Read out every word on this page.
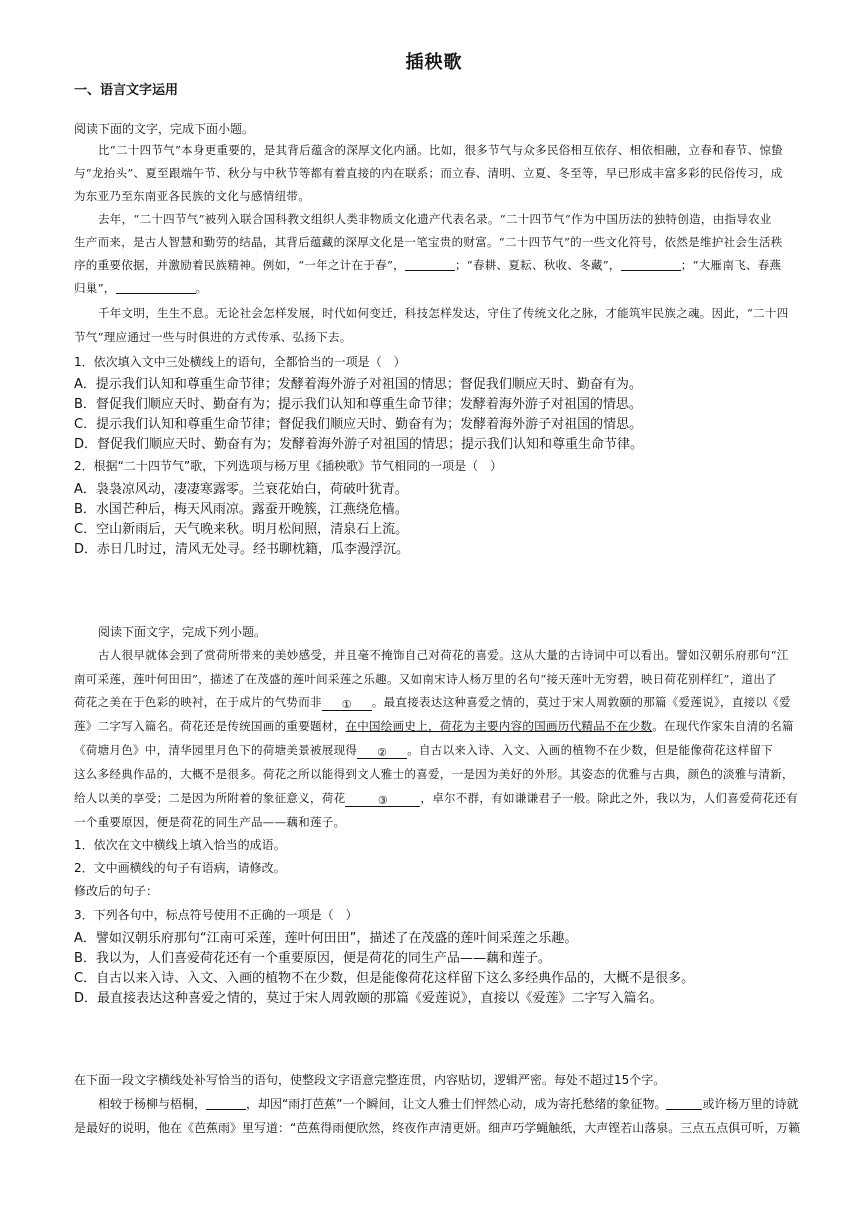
插秧歌
一、语言文字运用
阅读下面的文字，完成下面小题。
比“二十四节气”本身更重要的，是其背后蕴含的深厚文化内涵。比如，很多节气与众多民俗相互依存、相依相融，立春和春节、惊蛰
与“龙抬头”、夏至跟端午节、秋分与中秋节等都有着直接的内在联系；而立春、清明、立夏、冬至等，早已形成丰富多彩的民俗传习，成
为东亚乃至东南亚各民族的文化与感情纽带。
去年，“二十四节气”被列入联合国科教文组织人类非物质文化遗产代表名录。“二十四节气”作为中国历法的独特创造，由指导农业
生产而来，是古人智慧和勤劳的结晶，其背后蕴藏的深厚文化是一笔宝贵的财富。“二十四节气”的一些文化符号，依然是维护社会生活秩
序的重要依据，并激励着民族精神。例如，“一年之计在于春”，	；“春耕、夏耘、秋收、冬藏”，	；“大雁南飞、春燕
归巢”，	。
千年文明，生生不息。无论社会怎样发展，时代如何变迁，科技怎样发达，守住了传统文化之脉，才能筑牢民族之魂。因此，“二十四
节气”理应通过一些与时俱进的方式传承、弘扬下去。
1．依次填入文中三处横线上的语句，全都恰当的一项是（　）
A．提示我们认知和尊重生命节律；发酵着海外游子对祖国的情思；督促我们顺应天时、勤奋有为。
B．督促我们顺应天时、勤奋有为；提示我们认知和尊重生命节律；发酵着海外游子对祖国的情思。
C．提示我们认知和尊重生命节律；督促我们顺应天时、勤奋有为；发酵着海外游子对祖国的情思。
D．督促我们顺应天时、勤奋有为；发酵着海外游子对祖国的情思；提示我们认知和尊重生命节律。
2．根据“二十四节气”歌，下列选项与杨万里《插秧歌》节气相同的一项是（　）
A．袅袅凉风动，凄凄寒露零。兰衰花始白，荷破叶犹青。
B．水国芒种后，梅天风雨凉。露蚕开晚簇，江燕绕危樯。
C．空山新雨后，天气晚来秋。明月松间照，清泉石上流。
D．赤日几时过，清风无处寻。经书聊枕籍，瓜李漫浮沉。
阅读下面文字，完成下列小题。
古人很早就体会到了赏荷所带来的美妙感受，并且毫不掩饰自己对荷花的喜爱。这从大量的古诗词中可以看出。譬如汉朝乐府那句“江
南可采莲，莲叶何田田”，描述了在茂盛的莲叶间采莲之乐趣。又如南宋诗人杨万里的名句“接天莲叶无穷碧，映日荷花别样红”，道出了
荷花之美在于色彩的映衬，在于成片的气势而非 ① 。最直接表达这种喜爱之情的，莫过于宋人周敦颐的那篇《爱莲说》，直接以《爱
莲》二字写入篇名。荷花还是传统国画的重要题材，在中国绘画史上，荷花为主要内容的国画历代精品不在少数。在现代作家朱自清的名篇
《荷塘月色》中，清华园里月色下的荷塘美景被展现得 ② 。自古以来入诗、入文、入画的植物不在少数，但是能像荷花这样留下
这么多经典作品的，大概不是很多。荷花之所以能得到文人雅士的喜爱，一是因为美好的外形。其姿态的优雅与古典，颜色的淡雅与清新，
给人以美的享受；二是因为所附着的象征意义，荷花	③	，卓尔不群，有如谦谦君子一般。除此之外，我以为，人们喜爱荷花还有
一个重要原因，便是荷花的同生产品——藕和莲子。
1．依次在文中横线上填入恰当的成语。
2．文中画横线的句子有语病，请修改。
修改后的句子：
3．下列各句中，标点符号使用不正确的一项是（　）
A．譬如汉朝乐府那句“江南可采莲，莲叶何田田”，描述了在茂盛的莲叶间采莲之乐趣。
B．我以为，人们喜爱荷花还有一个重要原因，便是荷花的同生产品——藕和莲子。
C．自古以来入诗、入文、入画的植物不在少数，但是能像荷花这样留下这么多经典作品的，大概不是很多。
D．最直接表达这种喜爱之情的，莫过于宋人周敦颐的那篇《爱莲说》，直接以《爱莲》二字写入篇名。
在下面一段文字横线处补写恰当的语句，使整段文字语意完整连贯，内容贴切，逻辑严密。每处不超过15个字。
相较于杨柳与梧桐，	，却因“雨打芭蕉”一个瞬间，让文人雅士们怦然心动，成为寄托愁绪的象征物。	或许杨万里的诗就
是最好的说明，他在《芭蕉雨》里写道：“芭蕉得雨便欣然，终夜作声清更妍。细声巧学蝇触纸，大声铿若山落泉。三点五点俱可听，万籁
